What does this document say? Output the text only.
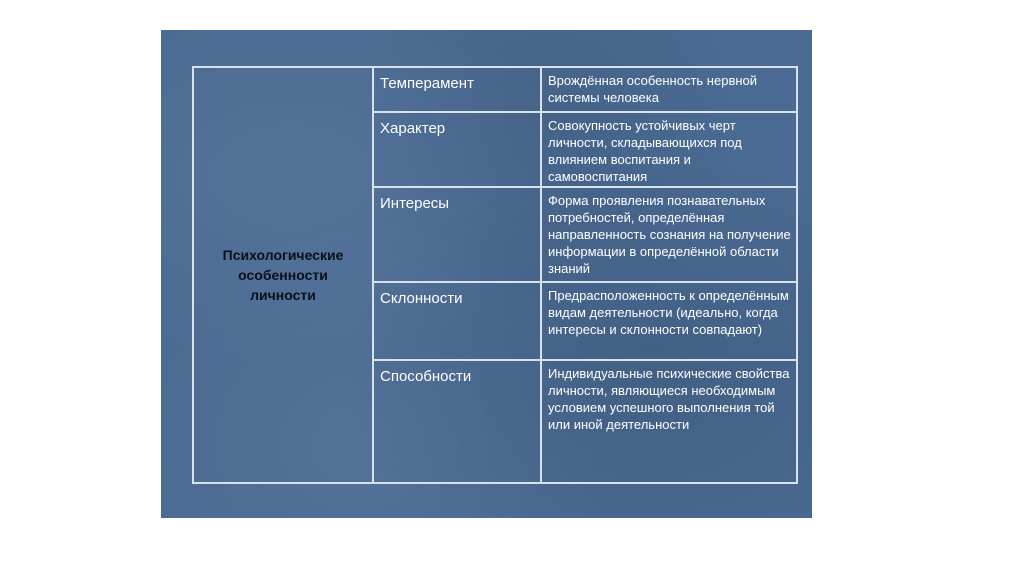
Психологические
особенности
личности
Темперамент	Врождённая особенность нервной системы человека
Характер	Совокупность устойчивых черт личности, складывающихся под влиянием воспитания и самовоспитания
Интересы	Форма проявления познавательных потребностей, определённая направленность сознания на получение информации в определённой области знаний
Склонности	Предрасположенность к определённым видам деятельности (идеально, когда интересы и склонности совпадают)
Способности	Индивидуальные психические свойства личности, являющиеся необходимым условием успешного выполнения той или иной деятельности
